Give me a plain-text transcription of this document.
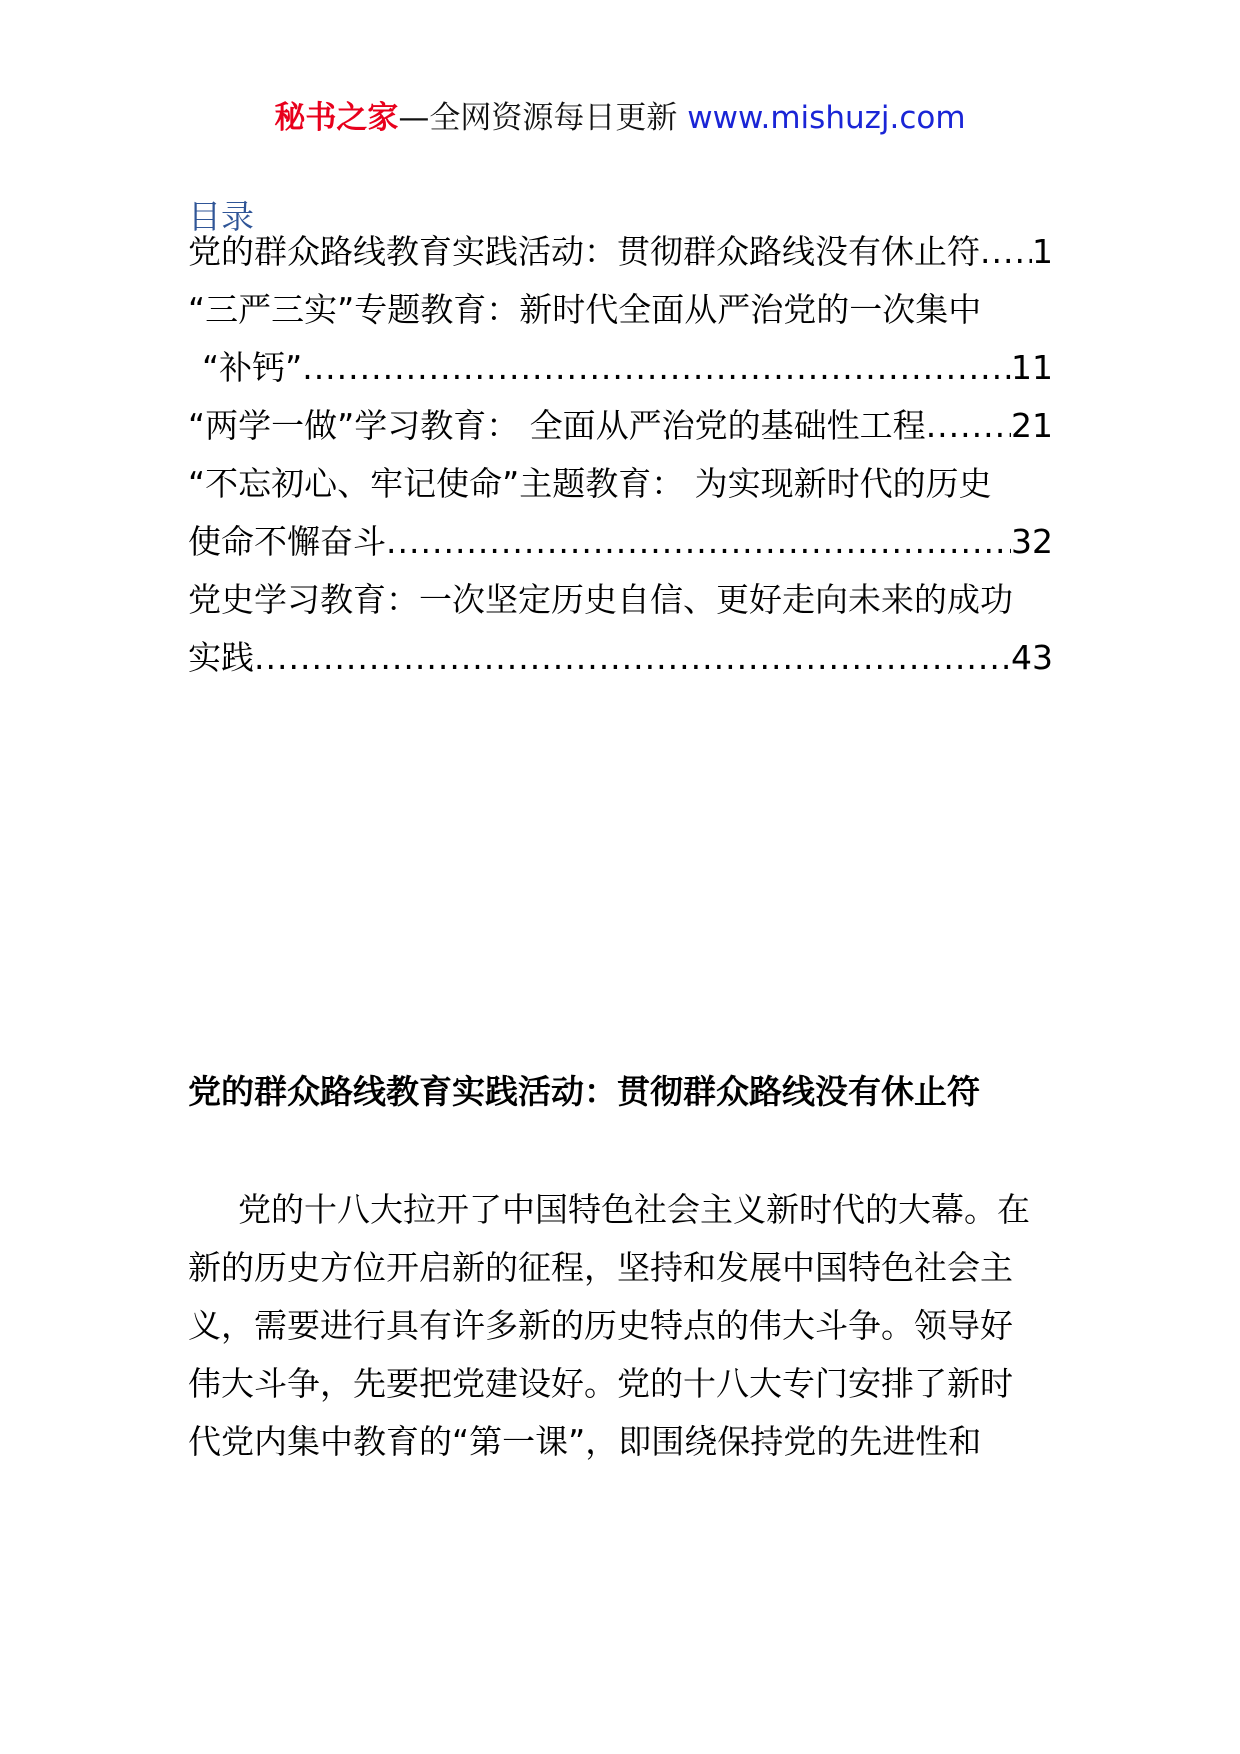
秘书之家—全网资源每日更新 www.mishuzj.com
目录
党的群众路线教育实践活动：贯彻群众路线没有休止符 ..... 1
“三严三实”专题教育：新时代全面从严治党的一次集中
“补钙” .....	11
“两学一做”学习教育： 全面从严治党的基础性工程 .....	21
“不忘初心、牢记使命”主题教育： 为实现新时代的历史
使命不懈奋斗 .....	32
党史学习教育：一次坚定历史自信、更好走向未来的成功
实践 .....	43
党的群众路线教育实践活动：贯彻群众路线没有休止符
党的十八大拉开了中国特色社会主义新时代的大幕。在
新的历史方位开启新的征程，坚持和发展中国特色社会主
义，需要进行具有许多新的历史特点的伟大斗争。领导好
伟大斗争，先要把党建设好。党的十八大专门安排了新时
代党内集中教育的“第一课”，即围绕保持党的先进性和
